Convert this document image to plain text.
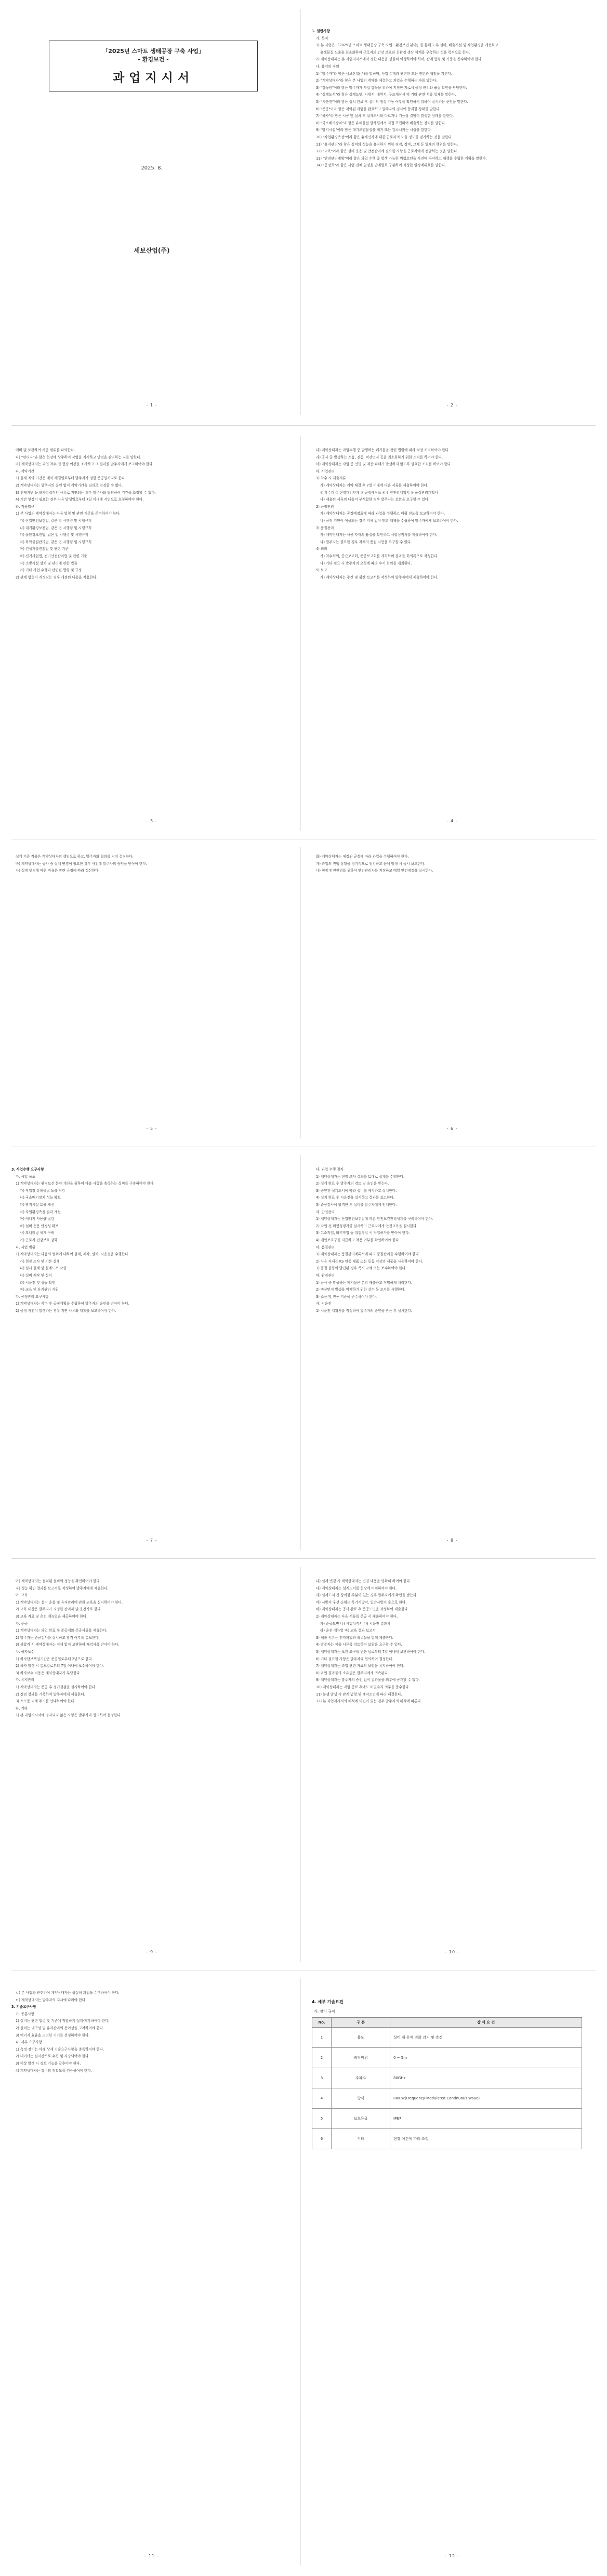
「2025년 스마트 생태공장 구축 사업」
- 환경보건 -
과업지시서
2025. 8.
세보산업(주)
- 1 -

1. 일반사항

가. 목적

1) 본 사업은 「2025년 스마트 생태공장 구축 사업 - 환경보건 분야」를 통해 노후 설비, 배출시설 및 작업환경을 개선하고

유해물질 노출을 최소화하여 근로자의 건강 보호와 친환경 생산 체계를 구축하는 것을 목적으로 한다.

2) 계약상대자는 본 과업지시서에서 정한 내용을 성실히 이행하여야 하며, 관계 법령 및 기준을 준수하여야 한다.

나. 용어의 정의

1) "발주자"라 함은 세보산업(주)를 말하며, 사업 수행과 관련한 모든 권한과 책임을 가진다.

2) "계약상대자"라 함은 본 사업의 계약을 체결하고 과업을 수행하는 자를 말한다.

3) "감독원"이라 함은 발주자가 사업 감독을 위하여 지정한 자로서 공정 관리와 품질 확인을 담당한다.

4) "설계도서"라 함은 설계도면, 시방서, 내역서, 구조계산서 및 기타 관련 서류 일체를 말한다.

5) "시운전"이라 함은 설치 완료 후 설비의 정상 가동 여부를 확인하기 위하여 실시하는 운전을 말한다.

6) "준공"이라 함은 계약된 과업을 완료하고 발주자의 검사에 합격한 상태를 말한다.

7) "하자"라 함은 시공 및 설치 후 설계도서와 다르거나 기능상 결함이 발생한 상태를 말한다.

8) "국소배기장치"라 함은 유해물질 발생원에서 직접 포집하여 배출하는 장치를 말한다.

9) "방지시설"이라 함은 대기오염물질을 제거 또는 감소시키는 시설을 말한다.

10) "작업환경측정"이라 함은 유해인자에 대한 근로자의 노출 정도를 평가하는 것을 말한다.

11) "유지관리"라 함은 설비의 성능을 유지하기 위한 점검, 정비, 교체 등 일체의 행위를 말한다.

12) "교육"이라 함은 설비 운용 및 안전관리에 필요한 사항을 근로자에게 전달하는 것을 말한다.

13) "안전관리계획"이라 함은 과업 수행 중 발생 가능한 위험요인을 사전에 파악하고 대책을 수립한 계획을 말한다.

14) "공정표"라 함은 사업 전체 일정을 단계별로 구분하여 작성한 일정계획표를 말한다.

- 2 -

예비 및 보관하여 시공 범위를 파악한다.

다) "관리자"와 함은 현장에 상주하여 작업을 지시하고 안전을 관리하는 자를 말한다.

라) 계약상대자는 과업 착수 전 현장 여건을 조사하고 그 결과를 발주자에게 보고하여야 한다.

다. 계약기간

1) 실제 계약 기간은 계약 체결일로부터 발주자가 정한 준공일까지로 한다.

2) 계약상대자는 발주자의 승인 없이 계약기간을 임의로 변경할 수 없다.

3) 천재지변 등 불가항력적인 사유로 지연되는 경우 발주자와 협의하여 기간을 조정할 수 있다.

4) 기간 연장이 필요한 경우 사유 발생일로부터 7일 이내에 서면으로 요청하여야 한다.

라. 적용법규

1) 본 사업의 계약상대자는 다음 법령 및 관련 기준을 준수하여야 한다.

가) 산업안전보건법, 같은 법 시행령 및 시행규칙

나) 대기환경보전법, 같은 법 시행령 및 시행규칙

다) 물환경보전법, 같은 법 시행령 및 시행규칙

라) 화학물질관리법, 같은 법 시행령 및 시행규칙

마) 건설기술진흥법 및 관련 기준

바) 전기사업법, 전기안전관리법 및 관련 기준

사) 소방시설 설치 및 관리에 관한 법률

아) 기타 사업 수행과 관련된 법령 및 규정

2) 관계 법령이 개정되는 경우 개정된 내용을 적용한다.

- 3 -

다) 계약상대자는 과업수행 중 발생하는 폐기물을 관련 법령에 따라 적정 처리하여야 한다.

라) 공사 중 발생하는 소음, 진동, 비산먼지 등을 최소화하기 위한 조치를 하여야 한다.

마) 계약상대자는 작업 중 인명 및 재산 피해가 발생하지 않도록 필요한 조치를 하여야 한다.

마. 사업관리

1) 착수 시 제출서류

가) 계약상대자는 계약 체결 후 7일 이내에 다음 서류를 제출하여야 한다.

① 착수계 ② 현장대리인계 ③ 공정예정표 ④ 안전관리계획서 ⑤ 품질관리계획서

나) 제출된 서류의 내용이 부적합한 경우 발주자는 보완을 요구할 수 있다.

2) 공정관리

가) 계약상대자는 공정예정표에 따라 과업을 수행하고 매월 진도를 보고하여야 한다.

나) 공정 지연이 예상되는 경우 지체 없이 만회 대책을 수립하여 발주자에게 보고하여야 한다.

3) 품질관리

가) 계약상대자는 사용 자재의 품질을 확인하고 시험성적서를 제출하여야 한다.

나) 발주자는 필요한 경우 자재의 품질 시험을 요구할 수 있다.

4) 회의

가) 착수회의, 중간보고회, 준공보고회를 개최하며 결과를 회의록으로 작성한다.

나) 기타 필요 시 발주자의 요청에 따라 수시 회의를 개최한다.

5) 보고

가) 계약상대자는 주간 및 월간 보고서를 작성하여 발주자에게 제출하여야 한다.

- 4 -

설계 기준 적용은 계약상대자의 책임으로 하고, 발주자와 협의를 거쳐 결정한다.

바) 계약상대자는 공사 중 설계 변경이 필요한 경우 사전에 발주자의 승인을 받아야 한다.

사) 설계 변경에 따른 비용은 관련 규정에 따라 정산한다.

- 5 -

화) 계약상대자는 예정된 공정에 따라 과업을 수행하여야 한다.

가) 과업의 진행 상황을 정기적으로 점검하고 문제 발생 시 즉시 보고한다.

나) 현장 안전관리를 위하여 안전관리자를 지정하고 매일 안전점검을 실시한다.

- 6 -

3. 사업수행 요구사항

가. 사업 목표

1) 계약상대자는 환경보건 분야 개선을 위하여 다음 사항을 충족하는 설비를 구축하여야 한다.

가) 작업장 유해물질 노출 저감

나) 국소배기장치 성능 확보

다) 방지시설 효율 개선

라) 작업환경측정 결과 개선

마) 에너지 사용량 절감

바) 설비 운용 안정성 확보

사) 모니터링 체계 구축

아) 근로자 건강보호 강화

나. 사업 범위

1) 계약상대자는 다음의 범위에 대하여 설계, 제작, 설치, 시운전을 수행한다.

가) 현장 조사 및 기본 설계

나) 실시 설계 및 설계도서 작성

다) 설비 제작 및 설치

라) 시운전 및 성능 확인

마) 교육 및 유지관리 지원

다. 공정관리 요구사항

1) 계약상대자는 착수 후 공정계획을 수립하여 발주자의 승인을 받아야 한다.

2) 공정 지연이 발생하는 경우 지연 사유와 대책을 보고하여야 한다.

- 7 -

다. 과업 수행 절차

1) 계약상대자는 현장 조사 결과를 토대로 설계를 수행한다.

2) 설계 완료 후 발주자의 검토 및 승인을 받는다.

3) 승인된 설계도서에 따라 설비를 제작하고 설치한다.

4) 설치 완료 후 시운전을 실시하고 결과를 보고한다.

5) 준공검사에 합격한 후 설비를 발주자에게 인계한다.

라. 안전관리

1) 계약상대자는 산업안전보건법에 따른 안전보건관리체계를 구축하여야 한다.

2) 작업 전 위험성평가를 실시하고 근로자에게 안전교육을 실시한다.

3) 고소작업, 화기작업 등 위험작업 시 작업허가를 받아야 한다.

4) 개인보호구를 지급하고 착용 여부를 확인하여야 한다.

마. 품질관리

1) 계약상대자는 품질관리계획서에 따라 품질관리를 수행하여야 한다.

2) 사용 자재는 KS 인증 제품 또는 동등 이상의 제품을 사용하여야 한다.

3) 품질 불량이 발견된 경우 즉시 교체 또는 보수하여야 한다.

바. 환경관리

1) 공사 중 발생하는 폐기물은 분리 배출하고 적법하게 처리한다.

2) 비산먼지 발생을 억제하기 위한 살수 등 조치를 시행한다.

3) 소음 및 진동 기준을 준수하여야 한다.

사. 시운전

1) 시운전 계획서를 작성하여 발주자의 승인을 받은 후 실시한다.

- 8 -

아) 계약상대자는 설치된 설비의 성능을 확인하여야 한다.

자) 성능 확인 결과를 보고서로 작성하여 발주자에게 제출한다.

아. 교육

1) 계약상대자는 설비 운용 및 유지관리에 관한 교육을 실시하여야 한다.

2) 교육 대상은 발주자가 지정한 관리자 및 운전자로 한다.

3) 교육 자료 및 운전 매뉴얼을 제공하여야 한다.

자. 준공

1) 계약상대자는 과업 완료 후 준공계와 준공서류를 제출한다.

2) 발주자는 준공검사를 실시하고 합격 여부를 통보한다.

3) 불합격 시 계약상대자는 지체 없이 보완하여 재검사를 받아야 한다.

차. 하자보수

1) 하자담보책임기간은 준공일로부터 2년으로 한다.

2) 하자 발생 시 통보일로부터 7일 이내에 보수하여야 한다.

3) 하자보수 비용은 계약상대자가 부담한다.

카. 유지관리

1) 계약상대자는 준공 후 정기점검을 실시하여야 한다.

2) 점검 결과를 기록하여 발주자에게 제출한다.

3) 소모품 교체 주기를 안내하여야 한다.

타. 기타

1) 본 과업지시서에 명시되지 않은 사항은 발주자와 협의하여 결정한다.

- 9 -

나) 설계 변경 시 계약상대자는 변경 내용을 명확히 하여야 한다.

다) 계약상대자는 설계도서를 현장에 비치하여야 한다.

라) 설계도서 간 상이한 부분이 있는 경우 발주자에게 확인을 받는다.

마) 시방서 우선 순위는 특기시방서, 일반시방서 순으로 한다.

바) 계약상대자는 공사 완료 후 준공도면을 작성하여 제출한다.

2) 계약상대자는 다음 서류를 준공 시 제출하여야 한다.

가) 준공도면 나) 시험성적서 다) 시운전 결과서

라) 운전 매뉴얼 마) 교육 결과 보고서

3) 제출 서류는 전자파일과 출력물을 함께 제출한다.

4) 발주자는 제출 서류를 검토하여 보완을 요구할 수 있다.

5) 계약상대자는 보완 요구를 받은 날로부터 7일 이내에 보완하여야 한다.

6) 기타 필요한 사항은 발주자와 협의하여 결정한다.

7) 계약상대자는 과업 관련 자료의 보안을 유지하여야 한다.

8) 과업 결과물의 소유권은 발주자에게 귀속된다.

9) 계약상대자는 발주자의 승인 없이 결과물을 외부에 공개할 수 없다.

10) 계약상대자는 과업 종료 후에도 비밀유지 의무를 준수한다.

11) 분쟁 발생 시 관계 법령 및 계약조건에 따라 해결한다.

12) 본 과업지시서의 해석에 이견이 있는 경우 발주자의 해석에 따른다.

- 10 -

ㄴ) 본 사업과 관련하여 계약상대자는 성실히 과업을 수행하여야 한다.

ㄷ) 계약상대자는 발주자의 지시에 따라야 한다.

3. 기술요구사항

가. 공통사항

1) 설비는 관련 법령 및 기준에 적합하게 설계·제작하여야 한다.

2) 설비는 내구성 및 유지관리의 용이성을 고려하여야 한다.

3) 에너지 효율을 고려한 기기를 선정하여야 한다.

나. 세부 요구사항

1) 측정 장비는 아래 상세 기술요구사항을 충족하여야 한다.

2) 데이터는 실시간으로 수집 및 저장되어야 한다.

3) 이상 발생 시 경보 기능을 갖추어야 한다.

4) 계약상대자는 장비의 정확도를 검증하여야 한다.

- 11 -

4. 세부 기술요건

가. 장비 규격

No.	구 분	상 세 요 건
1	용도	설비 내 유체 변화 감지 및 측정
2	측정범위	0 ~ 5m
3	주파수	80GHz
4	방식	FMCW(Frequency-Modulated Continuous Wave)
5	보호등급	IP67
6	기타	현장 여건에 따라 조정
- 12 -
